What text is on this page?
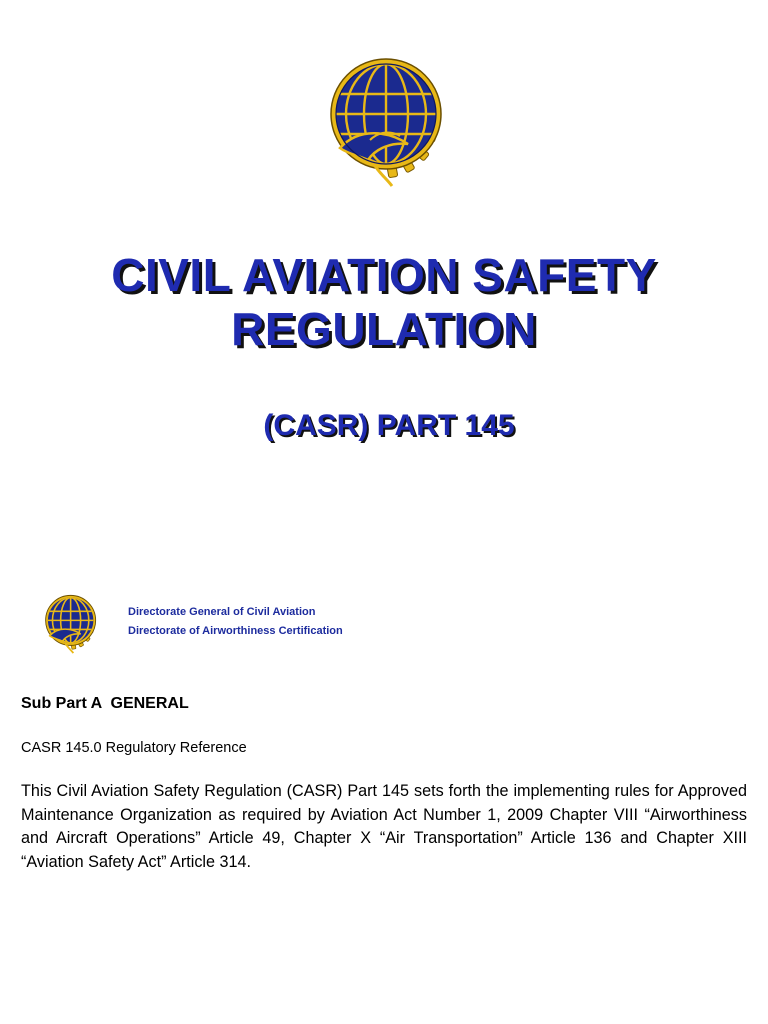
CIVIL AVIATION SAFETY
REGULATION
(CASR) PART 145
Directorate General of Civil Aviation
Directorate of Airworthiness Certification
Sub Part A  GENERAL
CASR 145.0 Regulatory Reference
This Civil Aviation Safety Regulation (CASR) Part 145 sets forth the implementing rules for Approved Maintenance Organization as required by Aviation Act Number 1, 2009 Chapter VIII “Airworthiness and Aircraft Operations” Article 49, Chapter X “Air Transportation” Article 136 and Chapter XIII “Aviation Safety Act” Article 314.
